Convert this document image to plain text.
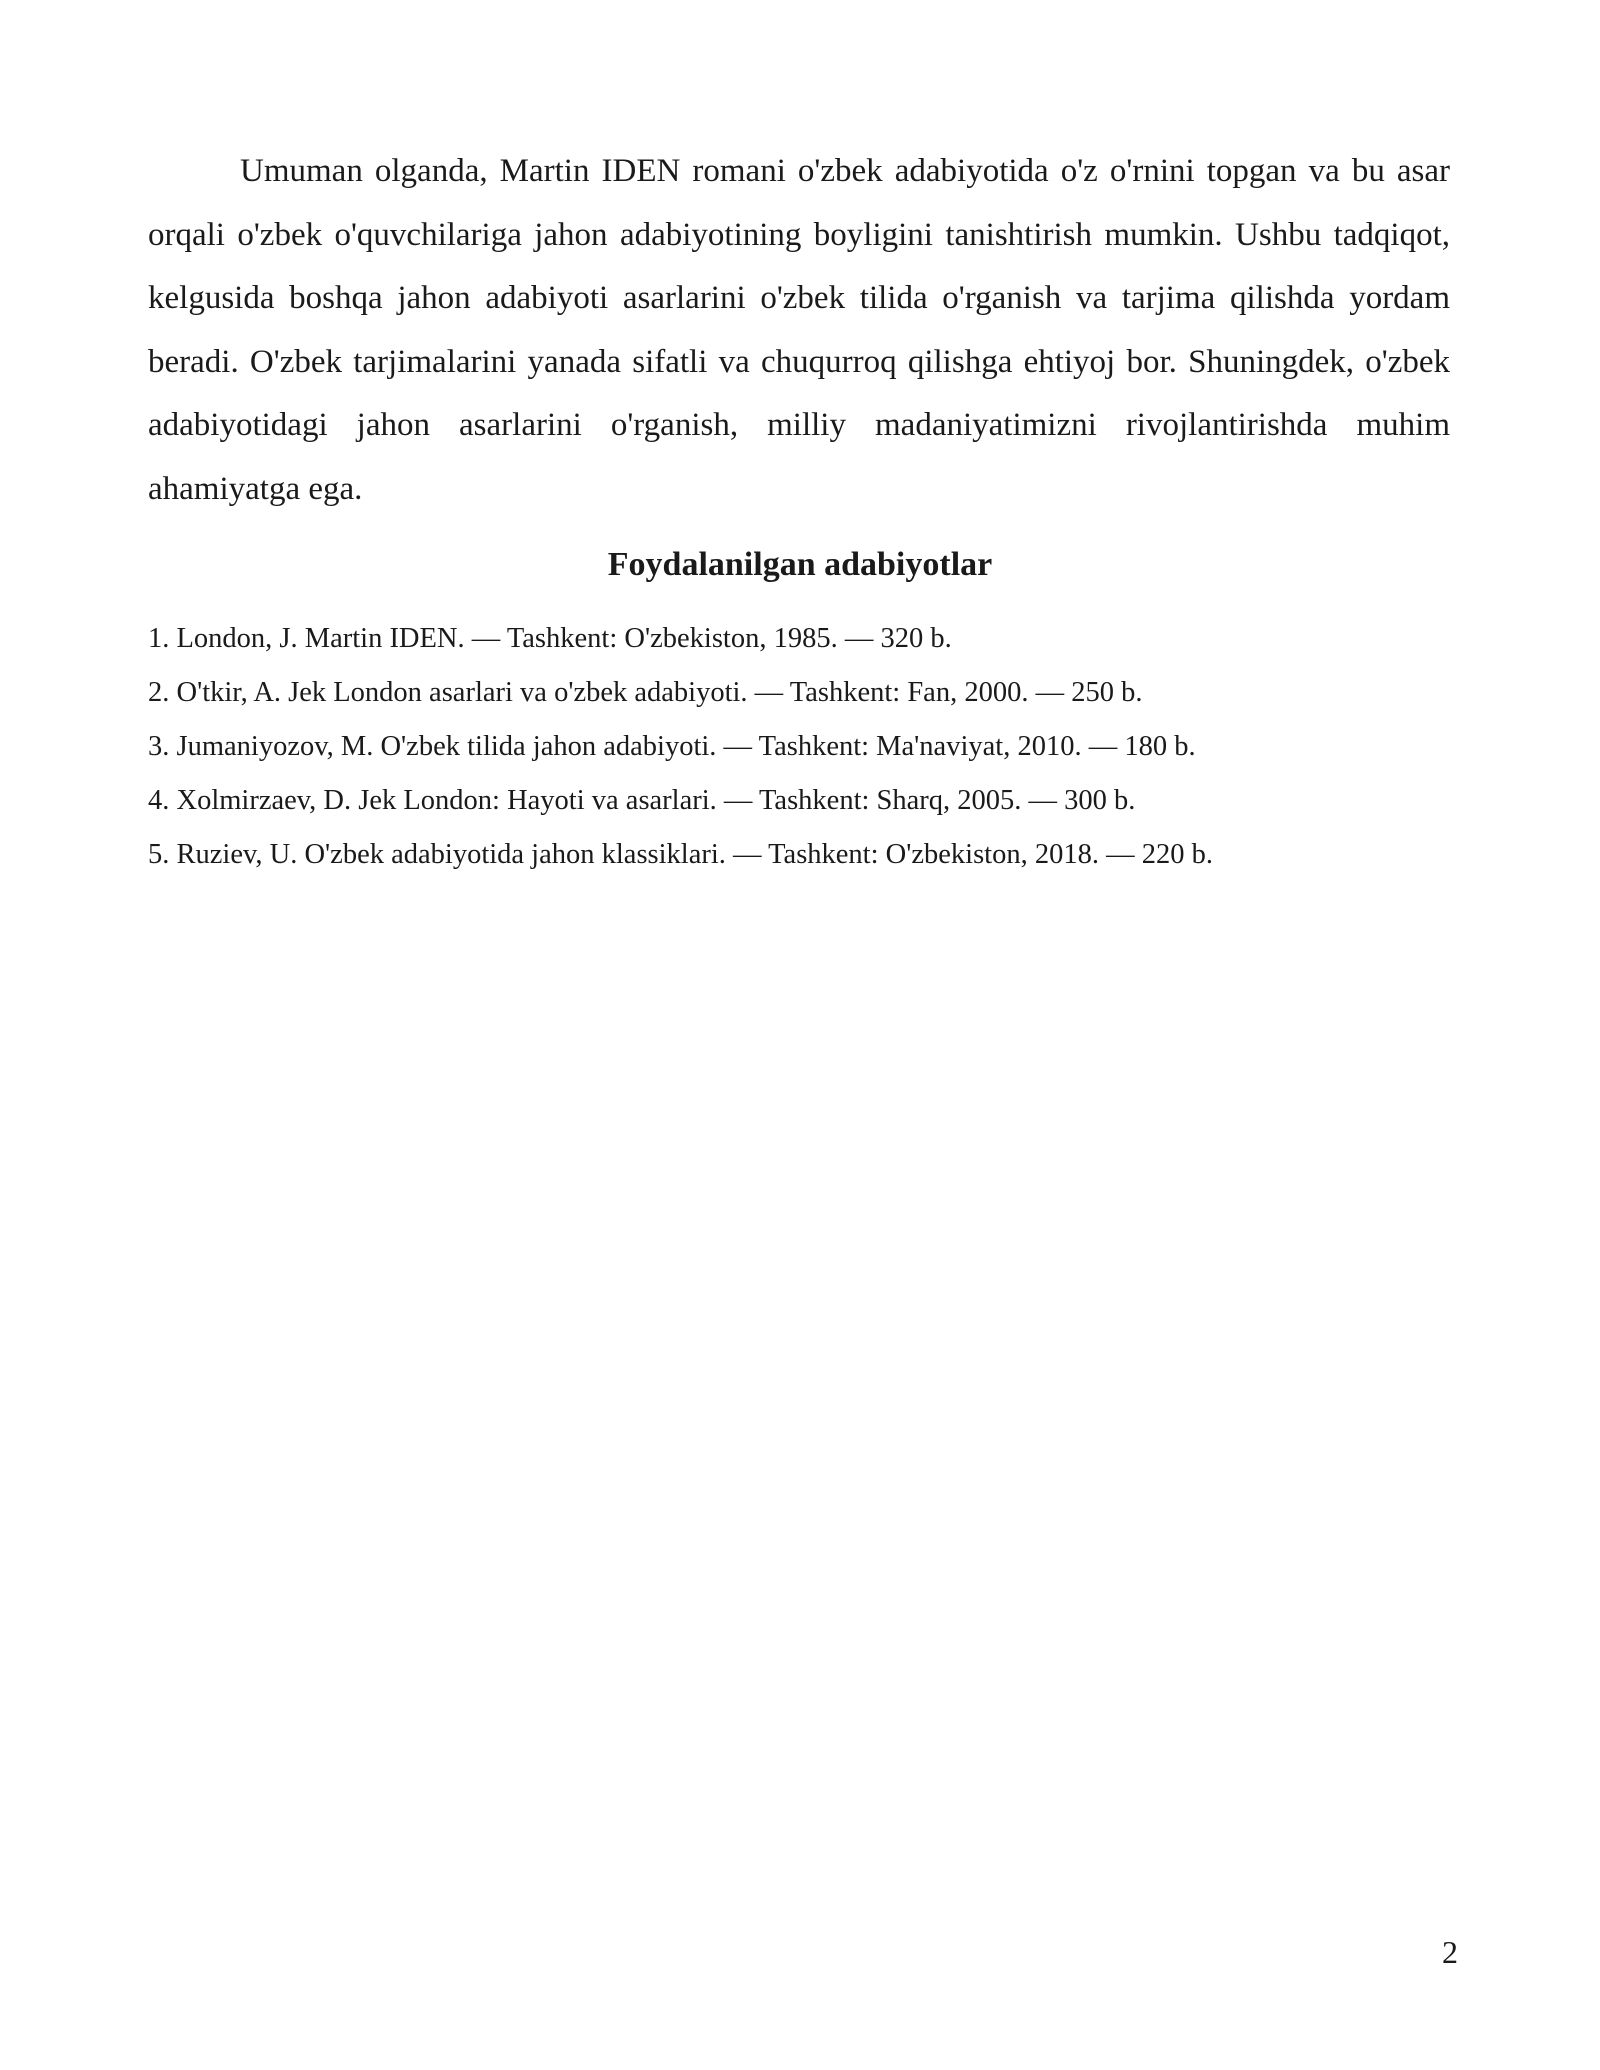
Umuman olganda, Martin IDEN romani o'zbek adabiyotida o'z o'rnini topgan va bu asar orqali o'zbek o'quvchilariga jahon adabiyotining boyligini tanishtirish mumkin. Ushbu tadqiqot, kelgusida boshqa jahon adabiyoti asarlarini o'zbek tilida o'rganish va tarjima qilishda yordam beradi. O'zbek tarjimalarini yanada sifatli va chuqurroq qilishga ehtiyoj bor. Shuningdek, o'zbek adabiyotidagi jahon asarlarini o'rganish, milliy madaniyatimizni rivojlantirishda muhim ahamiyatga ega.

Foydalanilgan adabiyotlar
1. London, J. Martin IDEN. — Tashkent: O'zbekiston, 1985. — 320 b.
2. O'tkir, A. Jek London asarlari va o'zbek adabiyoti. — Tashkent: Fan, 2000. — 250 b.
3. Jumaniyozov, M. O'zbek tilida jahon adabiyoti. — Tashkent: Ma'naviyat, 2010. — 180 b.
4. Xolmirzaev, D. Jek London: Hayoti va asarlari. — Tashkent: Sharq, 2005. — 300 b.
5. Ruziev, U. O'zbek adabiyotida jahon klassiklari. — Tashkent: O'zbekiston, 2018. — 220 b.
2
